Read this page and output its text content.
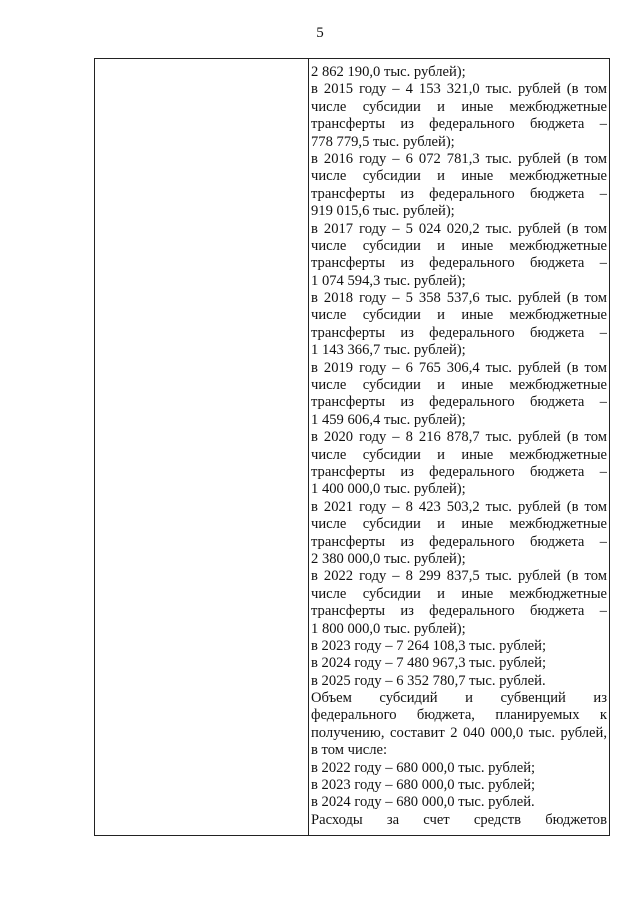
5
2 862 190,0 тыс. рублей);
в 2015 году – 4 153 321,0 тыс. рублей (в том
числе субсидии и иные межбюджетные
трансферты из федерального бюджета –
778 779,5 тыс. рублей);
в 2016 году – 6 072 781,3 тыс. рублей (в том
числе субсидии и иные межбюджетные
трансферты из федерального бюджета –
919 015,6 тыс. рублей);
в 2017 году – 5 024 020,2 тыс. рублей (в том
числе субсидии и иные межбюджетные
трансферты из федерального бюджета –
1 074 594,3 тыс. рублей);
в 2018 году – 5 358 537,6 тыс. рублей (в том
числе субсидии и иные межбюджетные
трансферты из федерального бюджета –
1 143 366,7 тыс. рублей);
в 2019 году – 6 765 306,4 тыс. рублей (в том
числе субсидии и иные межбюджетные
трансферты из федерального бюджета –
1 459 606,4 тыс. рублей);
в 2020 году – 8 216 878,7 тыс. рублей (в том
числе субсидии и иные межбюджетные
трансферты из федерального бюджета –
1 400 000,0 тыс. рублей);
в 2021 году – 8 423 503,2 тыс. рублей (в том
числе субсидии и иные межбюджетные
трансферты из федерального бюджета –
2 380 000,0 тыс. рублей);
в 2022 году – 8 299 837,5 тыс. рублей (в том
числе субсидии и иные межбюджетные
трансферты из федерального бюджета –
1 800 000,0 тыс. рублей);
в 2023 году – 7 264 108,3 тыс. рублей;
в 2024 году – 7 480 967,3 тыс. рублей;
в 2025 году – 6 352 780,7 тыс. рублей.
Объем субсидий и субвенций из
федерального бюджета, планируемых к
получению, составит 2 040 000,0 тыс. рублей,
в том числе:
в 2022 году – 680 000,0 тыс. рублей;
в 2023 году – 680 000,0 тыс. рублей;
в 2024 году – 680 000,0 тыс. рублей.
Расходы за счет средств бюджетов
